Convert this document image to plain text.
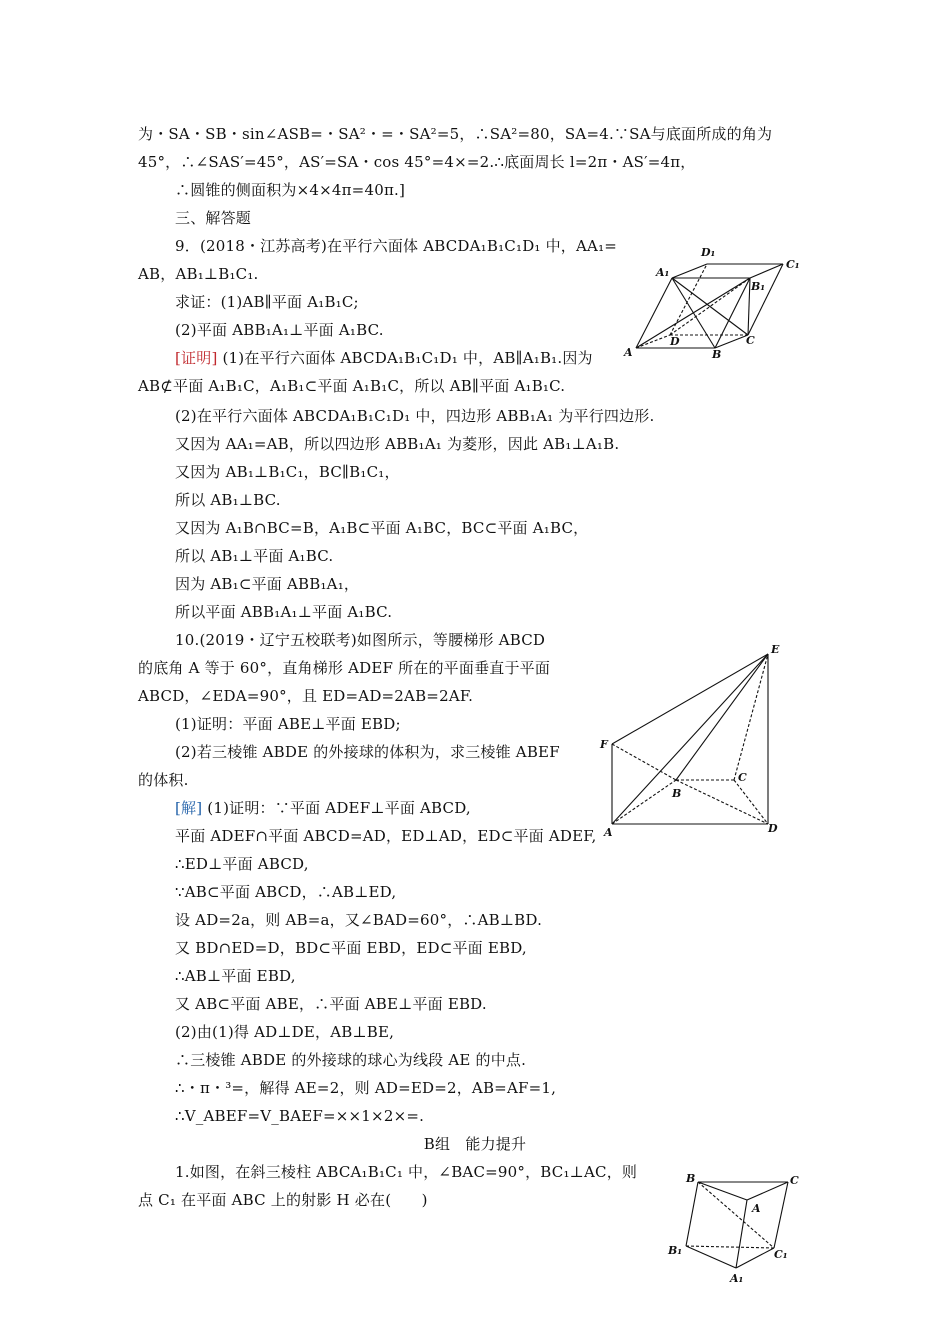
为・SA・SB・sin∠ASB=・SA²・=・SA²=5，∴SA²=80，SA=4.∵SA与底面所成的角为
45°，∴∠SAS′=45°，AS′=SA・cos 45°=4×=2.∴底面周长 l=2π・AS′=4π，
∴圆锥的侧面积为×4×4π=40π.]
三、解答题
9．(2018・江苏高考)在平行六面体 ABCDA₁B₁C₁D₁ 中，AA₁=
AB，AB₁⊥B₁C₁.
求证：(1)AB∥平面 A₁B₁C;
(2)平面 ABB₁A₁⊥平面 A₁BC.
[证明] (1)在平行六面体 ABCDA₁B₁C₁D₁ 中，AB∥A₁B₁.因为
AB⊄平面 A₁B₁C，A₁B₁⊂平面 A₁B₁C，所以 AB∥平面 A₁B₁C.
(2)在平行六面体 ABCDA₁B₁C₁D₁ 中，四边形 ABB₁A₁ 为平行四边形.
又因为 AA₁=AB，所以四边形 ABB₁A₁ 为菱形，因此 AB₁⊥A₁B.
又因为 AB₁⊥B₁C₁，BC∥B₁C₁，
所以 AB₁⊥BC.
又因为 A₁B∩BC=B，A₁B⊂平面 A₁BC，BC⊂平面 A₁BC，
所以 AB₁⊥平面 A₁BC.
因为 AB₁⊂平面 ABB₁A₁，
所以平面 ABB₁A₁⊥平面 A₁BC.
10.(2019・辽宁五校联考)如图所示，等腰梯形 ABCD
的底角 A 等于 60°，直角梯形 ADEF 所在的平面垂直于平面
ABCD，∠EDA=90°，且 ED=AD=2AB=2AF.
(1)证明：平面 ABE⊥平面 EBD;
(2)若三棱锥 ABDE 的外接球的体积为，求三棱锥 ABEF
的体积.
[解] (1)证明：∵平面 ADEF⊥平面 ABCD,
平面 ADEF∩平面 ABCD=AD，ED⊥AD，ED⊂平面 ADEF,
∴ED⊥平面 ABCD,
∵AB⊂平面 ABCD，∴AB⊥ED,
设 AD=2a，则 AB=a，又∠BAD=60°，∴AB⊥BD.
又 BD∩ED=D，BD⊂平面 EBD，ED⊂平面 EBD,
∴AB⊥平面 EBD,
又 AB⊂平面 ABE，∴平面 ABE⊥平面 EBD.
(2)由(1)得 AD⊥DE，AB⊥BE,
∴三棱锥 ABDE 的外接球的球心为线段 AE 的中点.
∴・π・³=，解得 AE=2，则 AD=ED=2，AB=AF=1,
∴V_ABEF=V_BAEF=××1×2×=.
B组　能力提升
1.如图，在斜三棱柱 ABCA₁B₁C₁ 中，∠BAC=90°，BC₁⊥AC，则
点 C₁ 在平面 ABC 上的射影 H 必在(　　)
A	B
C
D
A₁
B₁
C₁
D₁
A
B
C
D
E
F
B	C
A
B₁	C₁
A₁
